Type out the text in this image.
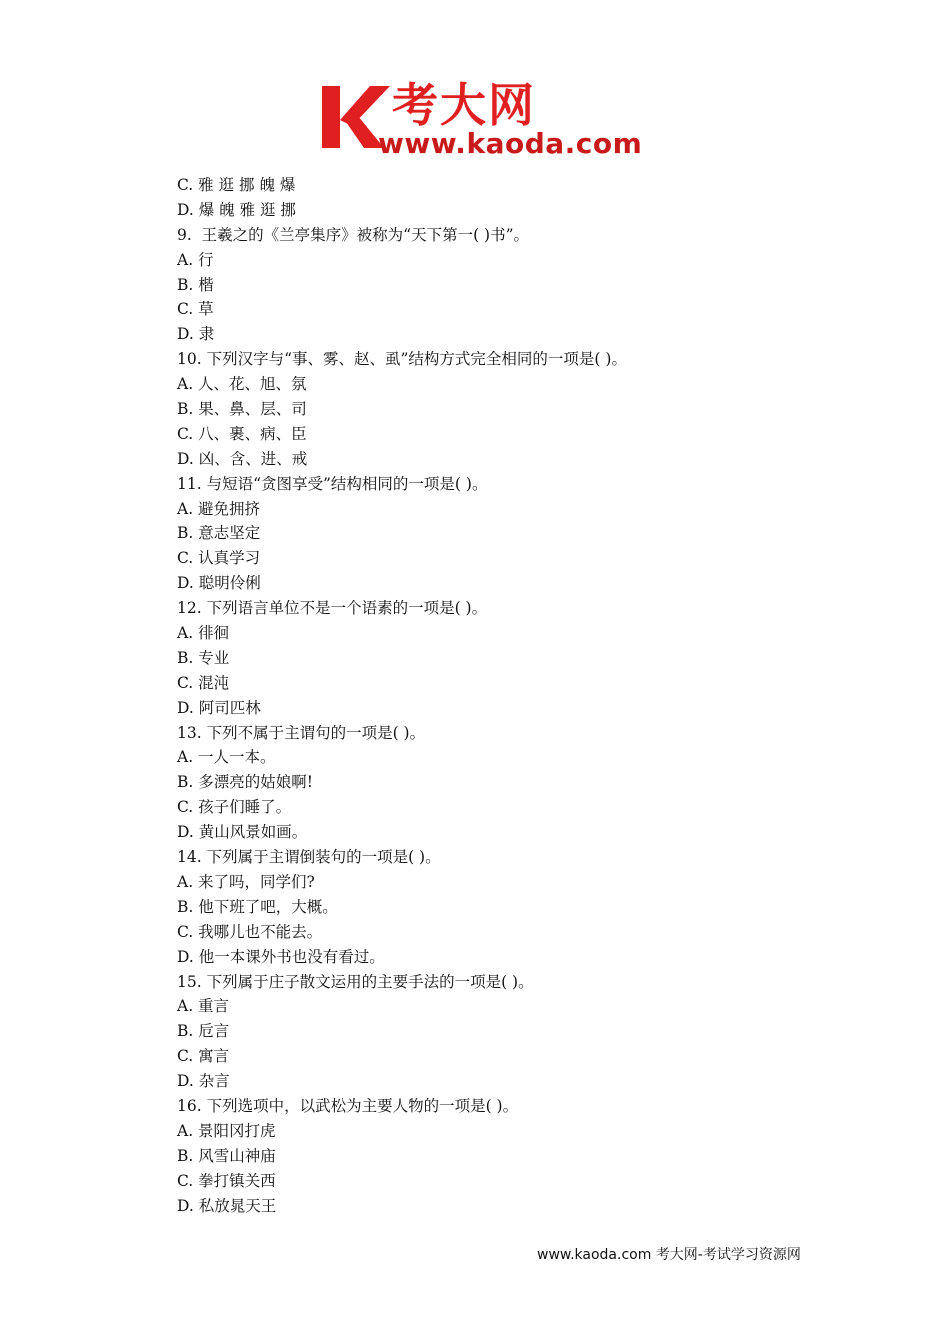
考大网
www.kaoda.com
C. 雅 逛 挪 魄 爆
D. 爆 魄 雅 逛 挪
9.  王羲之的《兰亭集序》被称为“天下第一( )书”。
A. 行
B. 楷
C. 草
D. 隶
10. 下列汉字与“事、雾、赵、虱”结构方式完全相同的一项是( )。
A. 人、花、旭、氛
B. 果、鼻、层、司
C. 八、裹、病、臣
D. 凶、含、进、戒
11. 与短语“贪图享受”结构相同的一项是( )。
A. 避免拥挤
B. 意志坚定
C. 认真学习
D. 聪明伶俐
12. 下列语言单位不是一个语素的一项是( )。
A. 徘徊
B. 专业
C. 混沌
D. 阿司匹林
13. 下列不属于主谓句的一项是( )。
A. 一人一本。
B. 多漂亮的姑娘啊!
C. 孩子们睡了。
D. 黄山风景如画。
14. 下列属于主谓倒装句的一项是( )。
A. 来了吗，同学们?
B. 他下班了吧，大概。
C. 我哪儿也不能去。
D. 他一本课外书也没有看过。
15. 下列属于庄子散文运用的主要手法的一项是( )。
A. 重言
B. 卮言
C. 寓言
D. 杂言
16. 下列选项中，以武松为主要人物的一项是( )。
A. 景阳冈打虎
B. 风雪山神庙
C. 拳打镇关西
D. 私放晁天王
www.kaoda.com 考大网-考试学习资源网
